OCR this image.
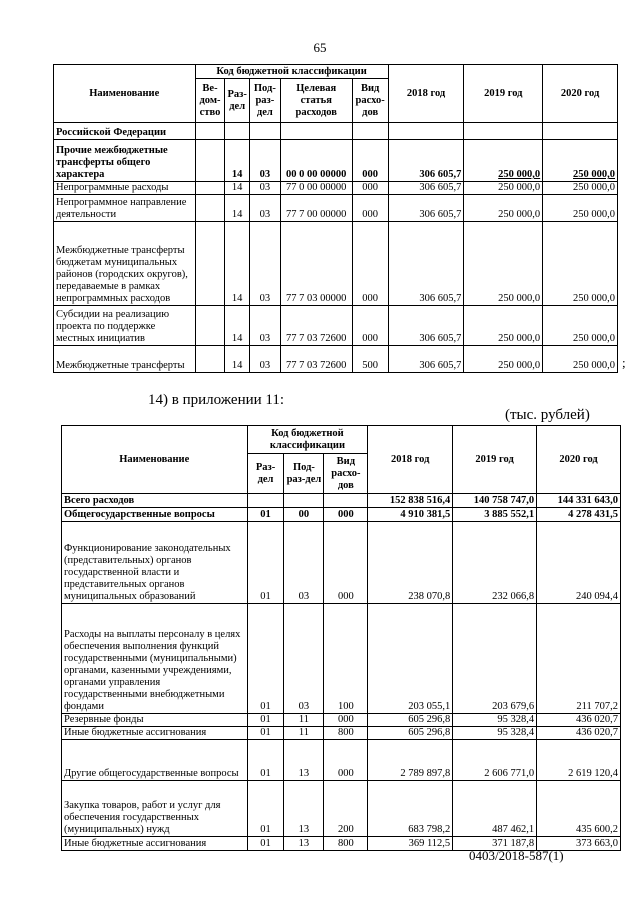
65
Наименование	Код бюджетной классификации					2018 год	2019 год	2020 год
	Ве-дом-ство	Раз-дел	Под-раз-дел	Целевая статья расходов	Вид расхо-дов			
Российской Федерации								
Прочие межбюджетные трансферты общего характера		14	03	00 0 00 00000	000	306 605,7	250 000,0	250 000,0
Непрограммные расходы		14	03	77 0 00 00000	000	306 605,7	250 000,0	250 000,0
Непрограммное направление деятельности		14	03	77 7 00 00000	000	306 605,7	250 000,0	250 000,0
Межбюджетные трансферты бюджетам муниципальных районов (городских округов), передаваемые в рамках непрограммных расходов		14	03	77 7 03 00000	000	306 605,7	250 000,0	250 000,0
Субсидии на реализацию проекта по поддержке местных инициатив		14	03	77 7 03 72600	000	306 605,7	250 000,0	250 000,0
Межбюджетные трансферты		14	03	77 7 03 72600	500	306 605,7	250 000,0	250 000,0 ;
14) в приложении 11:
(тыс. рублей)
Наименование	Код бюджетной классификации			2018 год	2019 год	2020 год
	Раз-дел	Под-раз-дел	Вид расхо-дов			
Всего расходов				152 838 516,4	140 758 747,0	144 331 643,0
Общегосударственные вопросы	01	00	000	4 910 381,5	3 885 552,1	4 278 431,5
Функционирование законодательных (представительных) органов государственной власти и представительных органов муниципальных образований	01	03	000	238 070,8	232 066,8	240 094,4
Расходы на выплаты персоналу в целях обеспечения выполнения функций государственными (муниципальными) органами, казенными учреждениями, органами управления государственными внебюджетными фондами	01	03	100	203 055,1	203 679,6	211 707,2
Резервные фонды	01	11	000	605 296,8	95 328,4	436 020,7
Иные бюджетные ассигнования	01	11	800	605 296,8	95 328,4	436 020,7
Другие общегосударственные вопросы	01	13	000	2 789 897,8	2 606 771,0	2 619 120,4
Закупка товаров, работ и услуг для обеспечения государственных (муниципальных) нужд	01	13	200	683 798,2	487 462,1	435 600,2
Иные бюджетные ассигнования	01	13	800	369 112,5	371 187,8	373 663,0
0403/2018-587(1)
